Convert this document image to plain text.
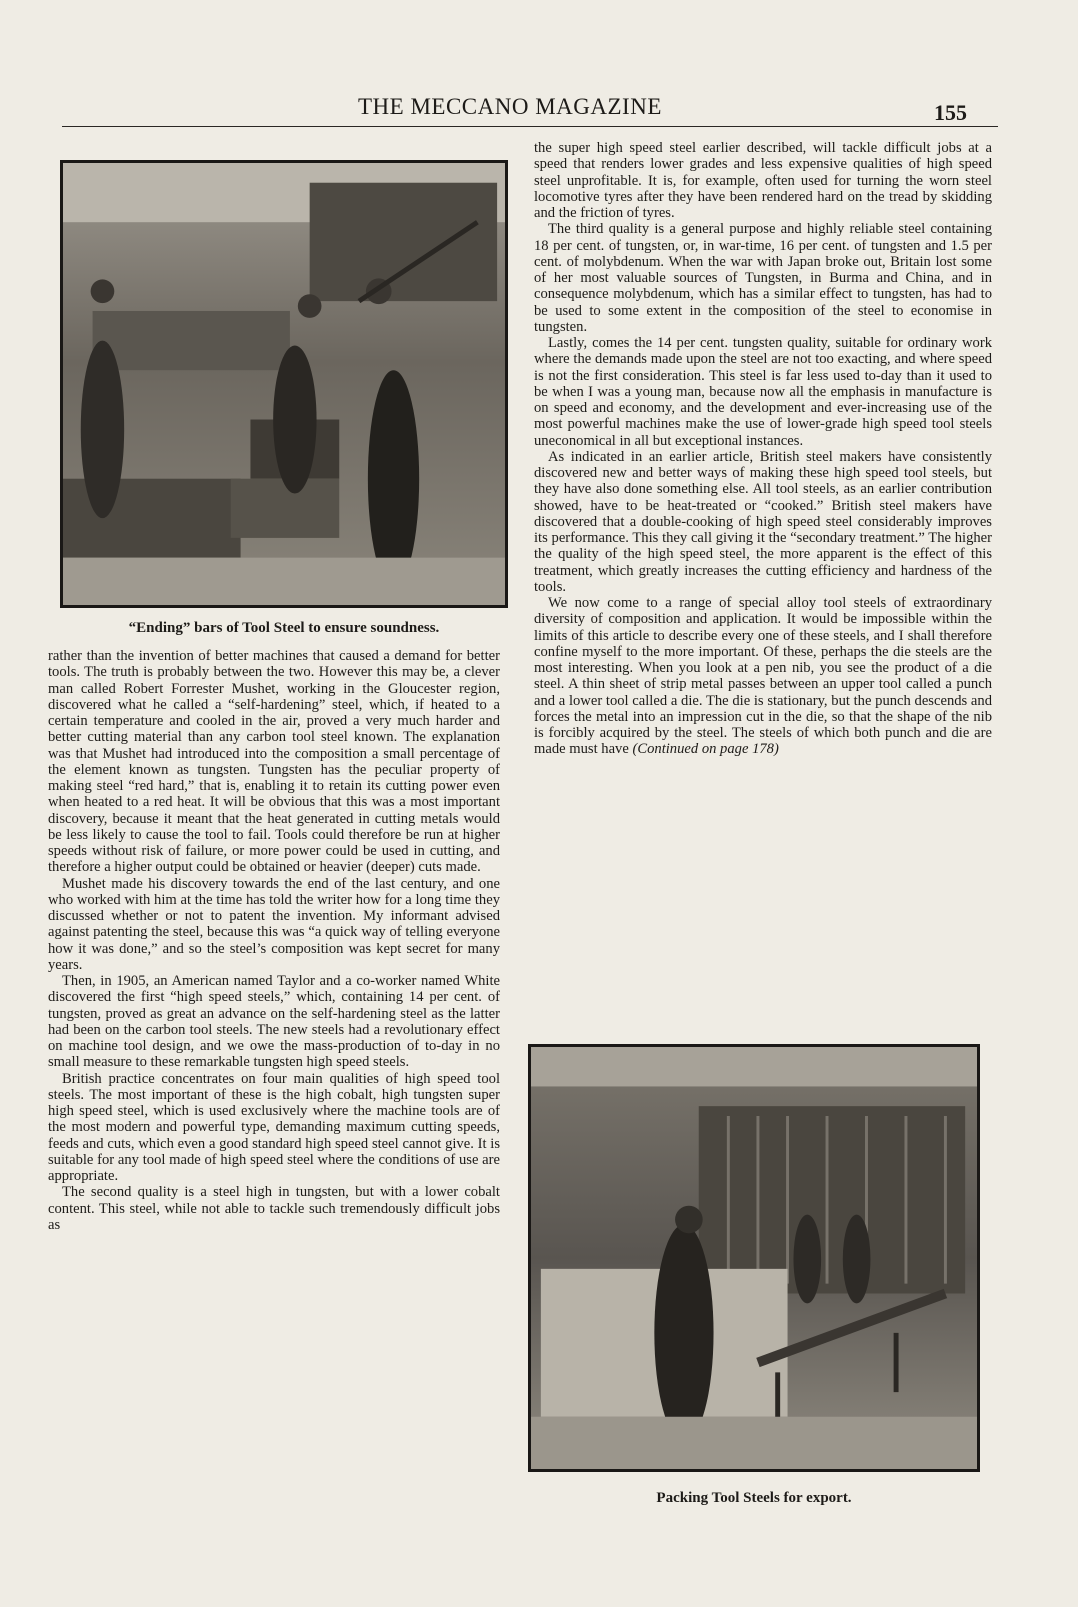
THE MECCANO MAGAZINE	155
“Ending” bars of Tool Steel to ensure soundness.

rather than the invention of better machines that caused a demand for better tools. The truth is probably between the two. However this may be, a clever man called Robert Forrester Mushet, working in the Gloucester region, discovered what he called a “self-hardening” steel, which, if heated to a certain temperature and cooled in the air, proved a very much harder and better cutting material than any carbon tool steel known. The explanation was that Mushet had introduced into the composition a small percentage of the element known as tungsten. Tungsten has the peculiar property of making steel “red hard,” that is, enabling it to retain its cutting power even when heated to a red heat. It will be obvious that this was a most important discovery, because it meant that the heat generated in cutting metals would be less likely to cause the tool to fail. Tools could therefore be run at higher speeds without risk of failure, or more power could be used in cutting, and therefore a higher output could be obtained or heavier (deeper) cuts made.

Mushet made his discovery towards the end of the last century, and one who worked with him at the time has told the writer how for a long time they discussed whether or not to patent the invention. My informant advised against patenting the steel, because this was “a quick way of telling everyone how it was done,” and so the steel’s composition was kept secret for many years.

Then, in 1905, an American named Taylor and a co-worker named White discovered the first “high speed steels,” which, containing 14 per cent. of tungsten, proved as great an advance on the self-hardening steel as the latter had been on the carbon tool steels. The new steels had a revolutionary effect on machine tool design, and we owe the mass-production of to-day in no small measure to these remarkable tungsten high speed steels.

British practice concentrates on four main qualities of high speed tool steels. The most important of these is the high cobalt, high tungsten super high speed steel, which is used exclusively where the machine tools are of the most modern and powerful type, demanding maximum cutting speeds, feeds and cuts, which even a good standard high speed steel cannot give. It is suitable for any tool made of high speed steel where the conditions of use are appropriate.

The second quality is a steel high in tungsten, but with a lower cobalt content. This steel, while not able to tackle such tremendously difficult jobs as

the super high speed steel earlier described, will tackle difficult jobs at a speed that renders lower grades and less expensive qualities of high speed steel unprofitable. It is, for example, often used for turning the worn steel locomotive tyres after they have been rendered hard on the tread by skidding and the friction of tyres.

The third quality is a general purpose and highly reliable steel containing 18 per cent. of tungsten, or, in war-time, 16 per cent. of tungsten and 1.5 per cent. of molybdenum. When the war with Japan broke out, Britain lost some of her most valuable sources of Tungsten, in Burma and China, and in consequence molybdenum, which has a similar effect to tungsten, has had to be used to some extent in the composition of the steel to economise in tungsten.

Lastly, comes the 14 per cent. tungsten quality, suitable for ordinary work where the demands made upon the steel are not too exacting, and where speed is not the first consideration. This steel is far less used to-day than it used to be when I was a young man, because now all the emphasis in manufacture is on speed and economy, and the development and ever-increasing use of the most powerful machines make the use of lower-grade high speed tool steels uneconomical in all but exceptional instances.

As indicated in an earlier article, British steel makers have consistently discovered new and better ways of making these high speed tool steels, but they have also done something else. All tool steels, as an earlier contribution showed, have to be heat-treated or “cooked.” British steel makers have discovered that a double-cooking of high speed steel considerably improves its performance. This they call giving it the “secondary treatment.” The higher the quality of the high speed steel, the more apparent is the effect of this treatment, which greatly increases the cutting efficiency and hardness of the tools.

We now come to a range of special alloy tool steels of extraordinary diversity of composition and application. It would be impossible within the limits of this article to describe every one of these steels, and I shall therefore confine myself to the more important. Of these, perhaps the die steels are the most interesting. When you look at a pen nib, you see the product of a die steel. A thin sheet of strip metal passes between an upper tool called a punch and a lower tool called a die. The die is stationary, but the punch descends and forces the metal into an impression cut in the die, so that the shape of the nib is forcibly acquired by the steel. The steels of which both punch and die are made must have (Continued on page 178)

Packing Tool Steels for export.
